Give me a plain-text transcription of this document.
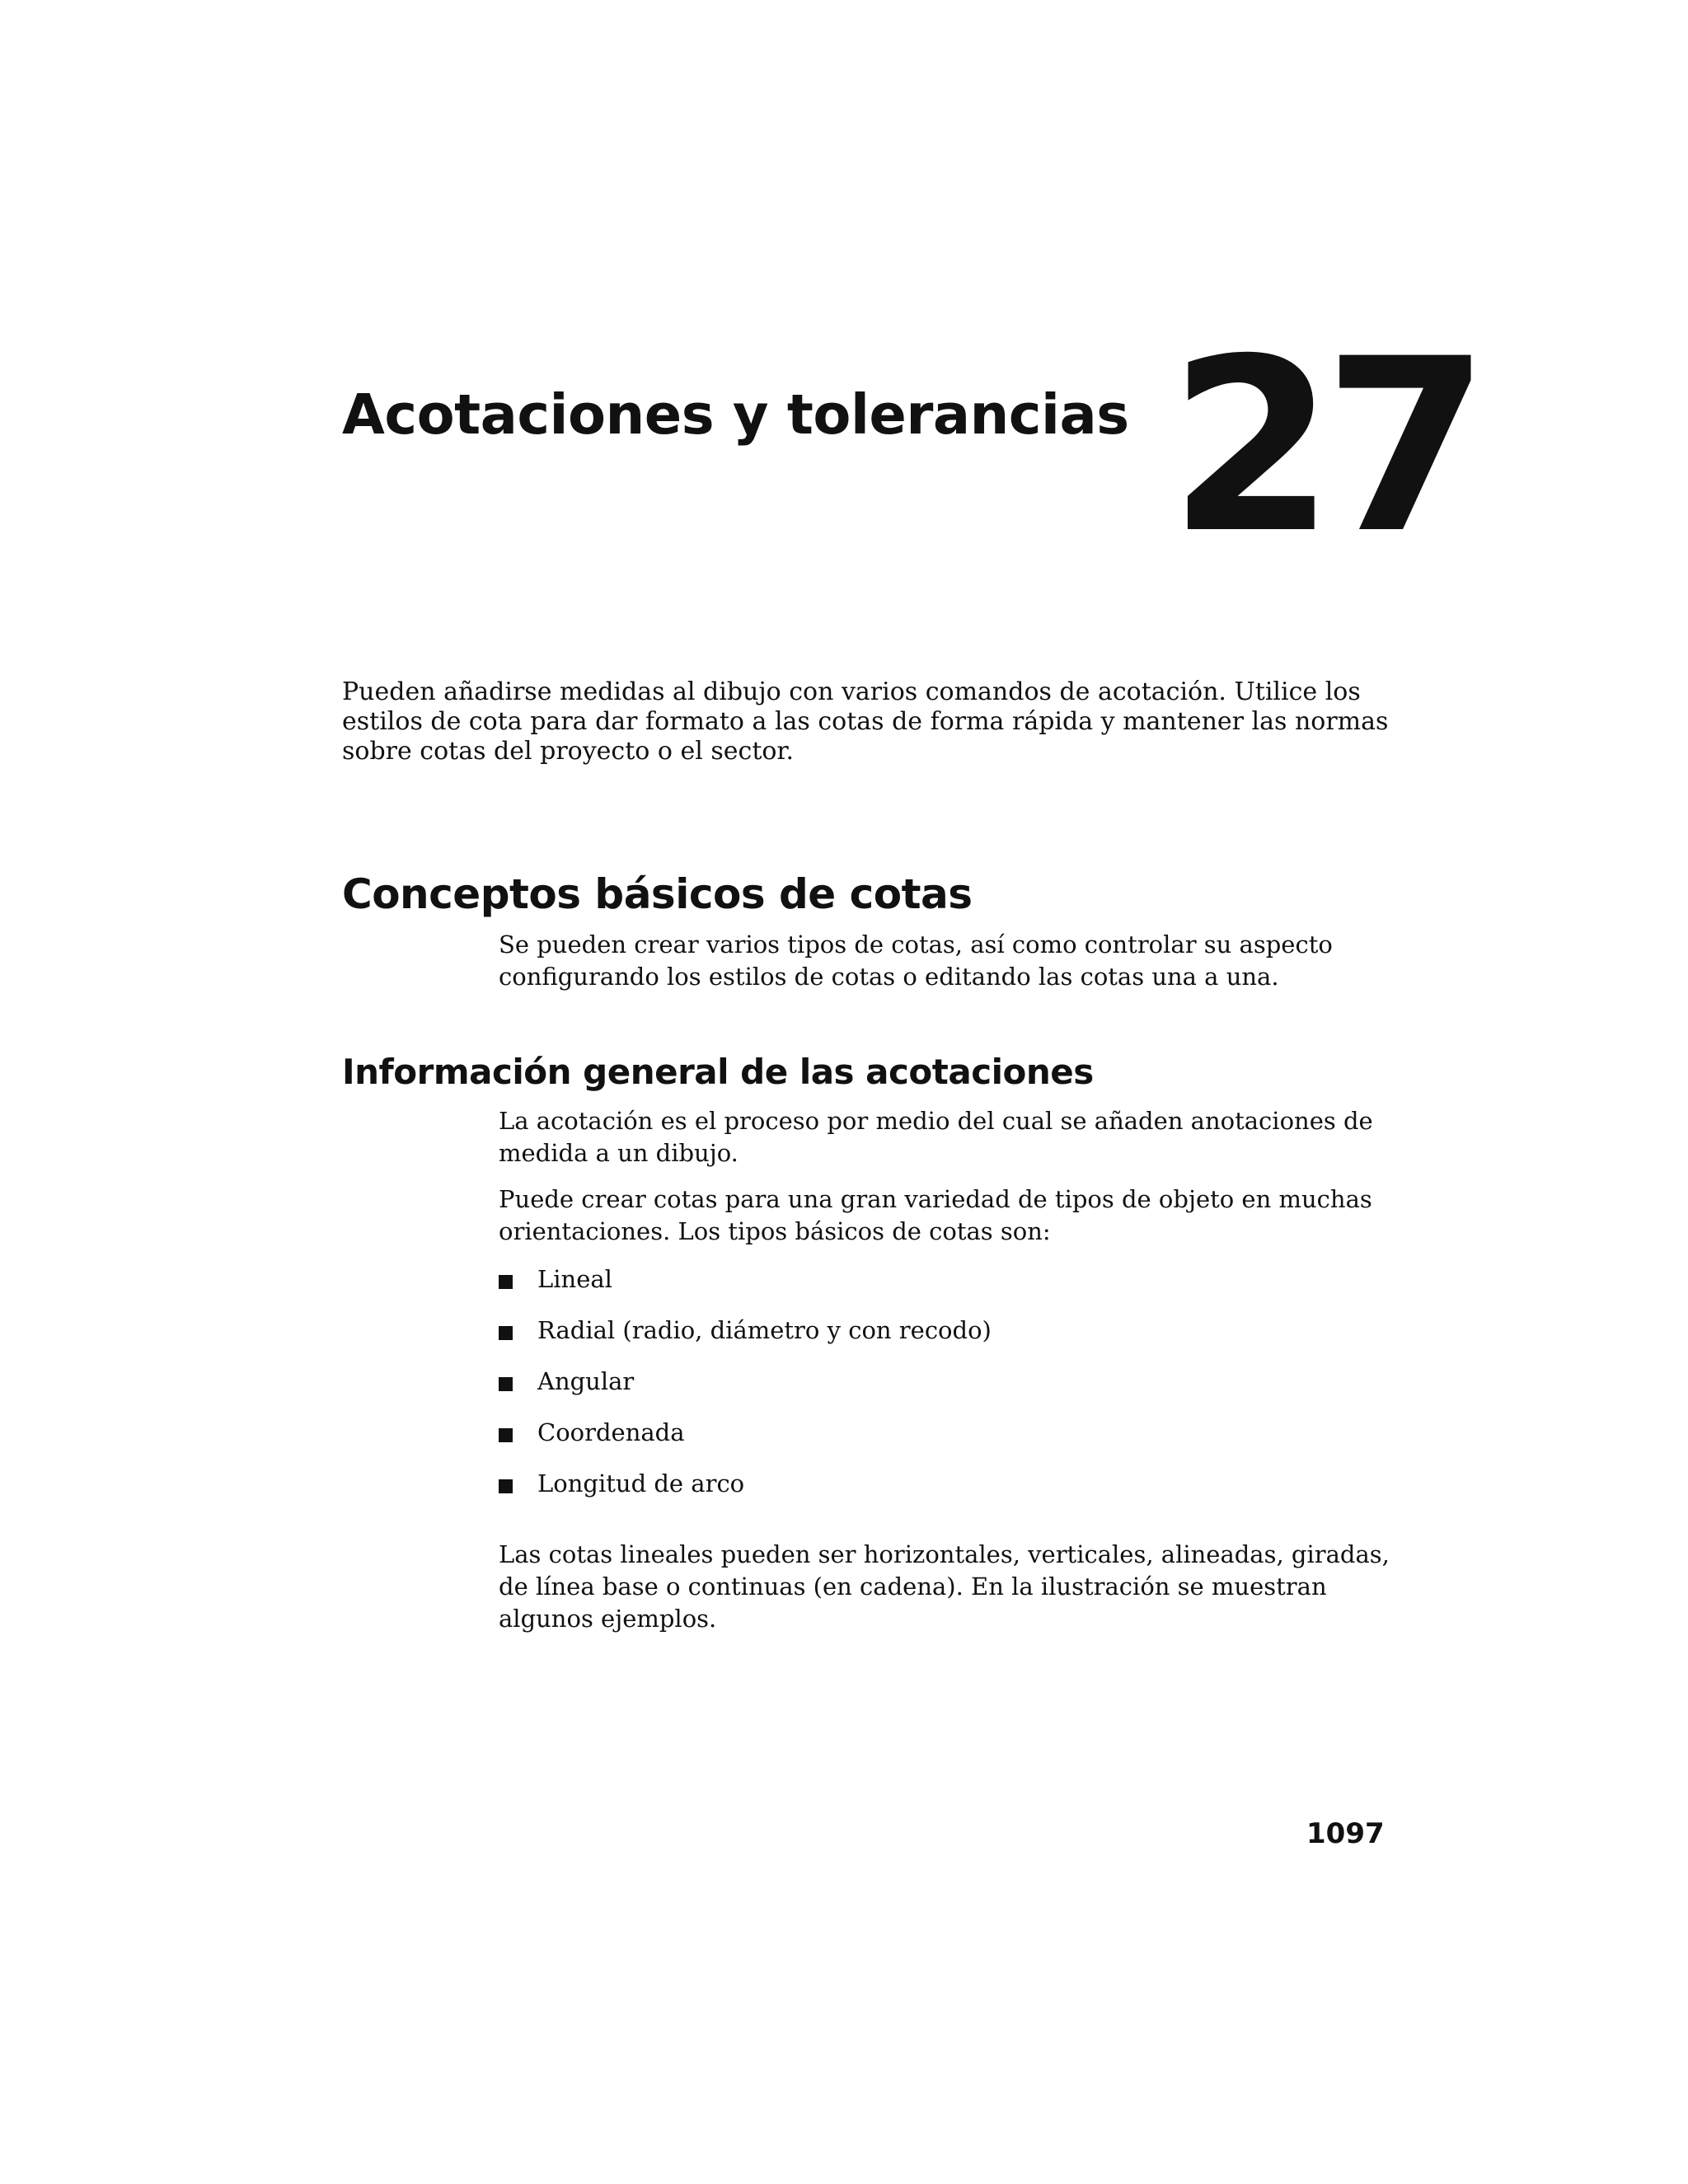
Acotaciones y tolerancias 27

Pueden añadirse medidas al dibujo con varios comandos de acotación. Utilice los estilos de cota para dar formato a las cotas de forma rápida y mantener las normas sobre cotas del proyecto o el sector.

Conceptos básicos de cotas

Se pueden crear varios tipos de cotas, así como controlar su aspecto configurando los estilos de cotas o editando las cotas una a una.

Información general de las acotaciones

La acotación es el proceso por medio del cual se añaden anotaciones de medida a un dibujo.

Puede crear cotas para una gran variedad de tipos de objeto en muchas orientaciones. Los tipos básicos de cotas son:

Lineal
Radial (radio, diámetro y con recodo)
Angular
Coordenada
Longitud de arco

Las cotas lineales pueden ser horizontales, verticales, alineadas, giradas, de línea base o continuas (en cadena). En la ilustración se muestran algunos ejemplos.

1097
